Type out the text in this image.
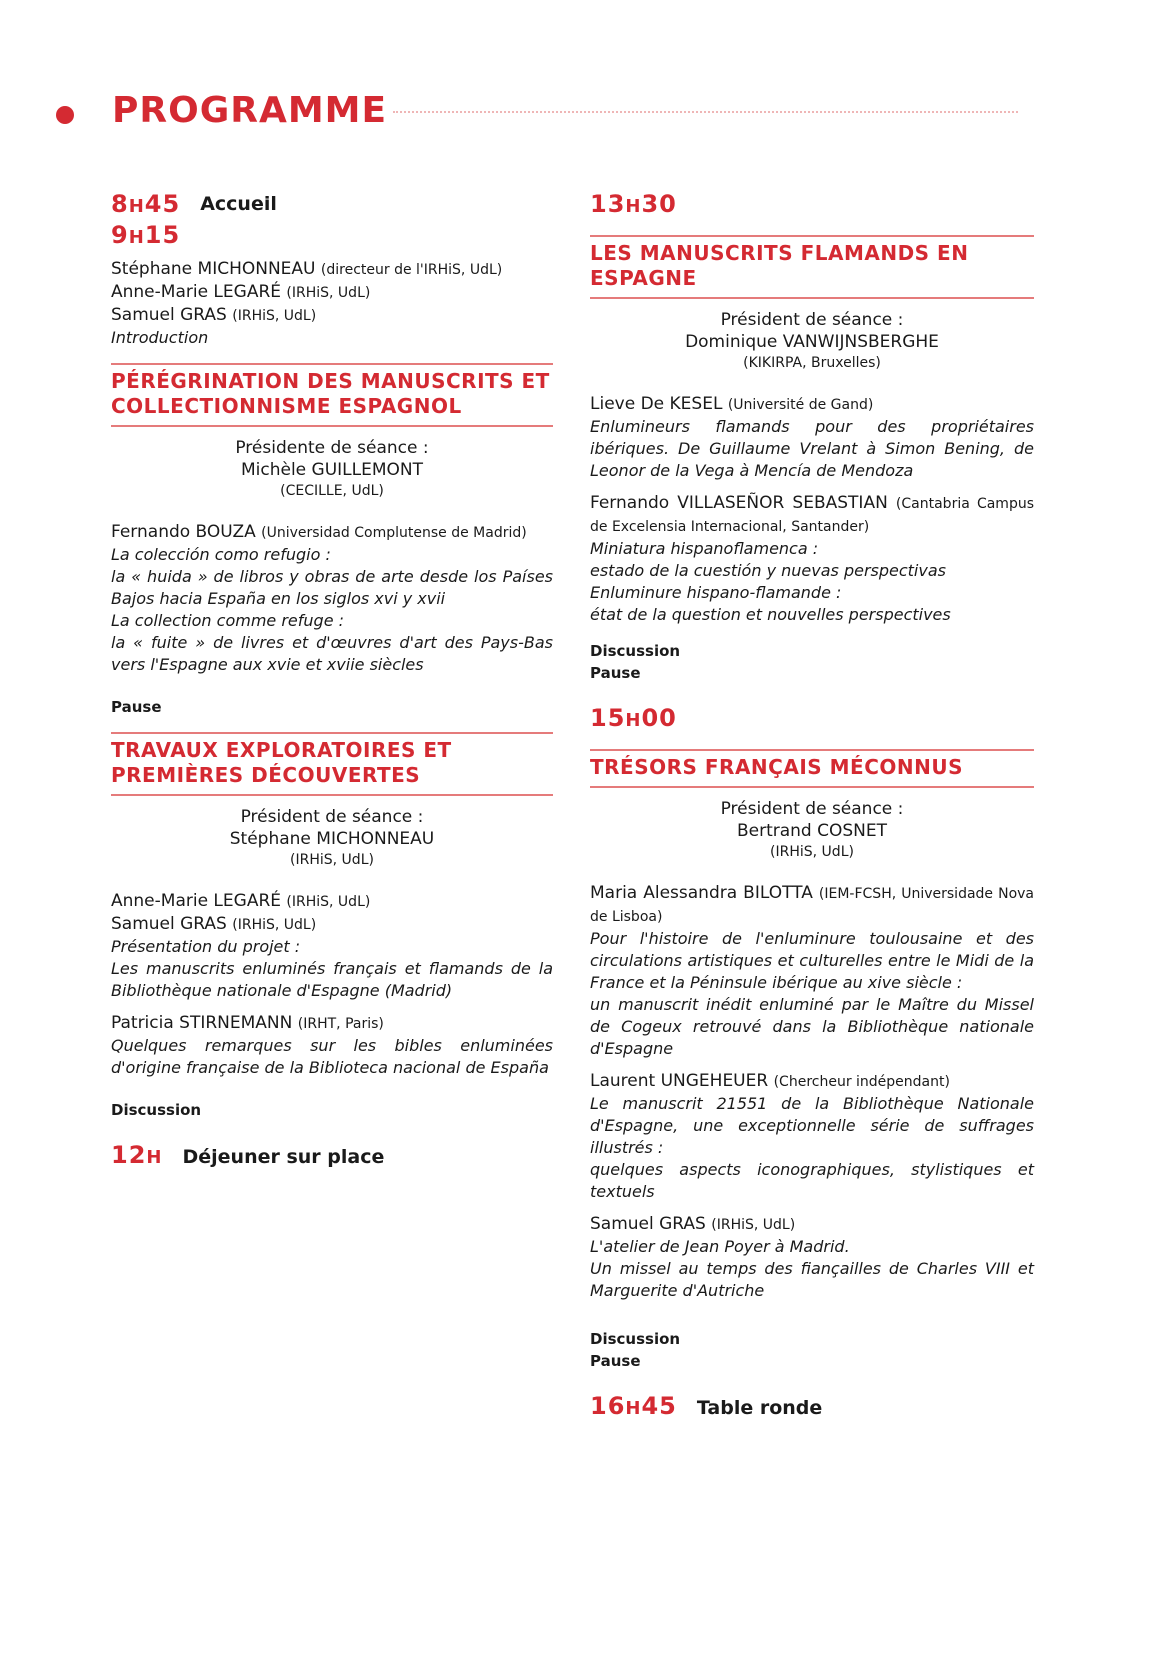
PROGRAMME
8H45
9H15
Accueil
Stéphane MICHONNEAU (directeur de l'IRHiS, UdL)
Anne-Marie LEGARÉ (IRHiS, UdL)
Samuel GRAS (IRHiS, UdL)
Introduction
PÉRÉGRINATION DES MANUSCRITS ET COLLECTIONNISME ESPAGNOL
Présidente de séance :
Michèle GUILLEMONT
(CECILLE, UdL)
Fernando BOUZA (Universidad Complutense de Madrid)
La colección como refugio :
la « huida » de libros y obras de arte desde los Países Bajos hacia España en los siglos xvi y xvii
La collection comme refuge :
la « fuite » de livres et d'œuvres d'art des Pays-Bas vers l'Espagne aux xvie et xviie siècles
Pause
TRAVAUX EXPLORATOIRES ET PREMIÈRES DÉCOUVERTES
Président de séance :
Stéphane MICHONNEAU
(IRHiS, UdL)
Anne-Marie LEGARÉ (IRHiS, UdL)
Samuel GRAS (IRHiS, UdL)
Présentation du projet :
Les manuscrits enluminés français et flamands de la Bibliothèque nationale d'Espagne (Madrid)
Patricia STIRNEMANN (IRHT, Paris)
Quelques remarques sur les bibles enluminées d'origine française de la Biblioteca nacional de España
Discussion
12H Déjeuner sur place
13H30
LES MANUSCRITS FLAMANDS EN ESPAGNE
Président de séance :
Dominique VANWIJNSBERGHE
(KIKIRPA, Bruxelles)
Lieve De KESEL (Université de Gand)
Enlumineurs flamands pour des propriétaires ibériques. De Guillaume Vrelant à Simon Bening, de Leonor de la Vega à Mencía de Mendoza
Fernando VILLASEÑOR SEBASTIAN (Cantabria Campus de Excelensia Internacional, Santander)
Miniatura hispanoflamenca :
estado de la cuestión y nuevas perspectivas
Enluminure hispano-flamande :
état de la question et nouvelles perspectives
Discussion
Pause
15H00
TRÉSORS FRANÇAIS MÉCONNUS
Président de séance :
Bertrand COSNET
(IRHiS, UdL)
Maria Alessandra BILOTTA (IEM-FCSH, Universidade Nova de Lisboa)
Pour l'histoire de l'enluminure toulousaine et des circulations artistiques et culturelles entre le Midi de la France et la Péninsule ibérique au xive siècle :
un manuscrit inédit enluminé par le Maître du Missel de Cogeux retrouvé dans la Bibliothèque nationale d'Espagne
Laurent UNGEHEUER (Chercheur indépendant)
Le manuscrit 21551 de la Bibliothèque Nationale d'Espagne, une exceptionnelle série de suffrages illustrés :
quelques aspects iconographiques, stylistiques et textuels
Samuel GRAS (IRHiS, UdL)
L'atelier de Jean Poyer à Madrid.
Un missel au temps des fiançailles de Charles VIII et Marguerite d'Autriche
Discussion
Pause
16H45 Table ronde
